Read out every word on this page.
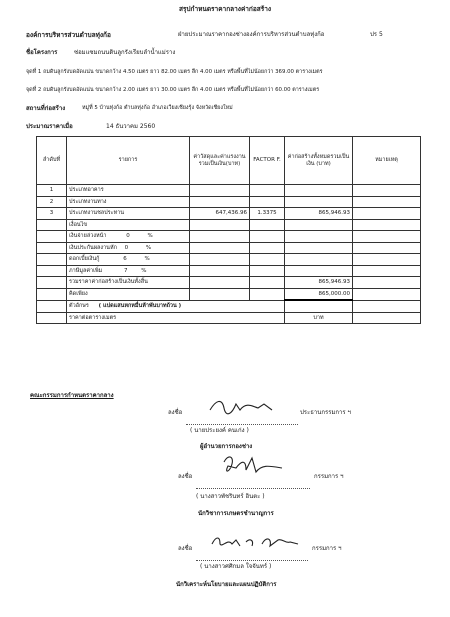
สรุปกำหนดราคากลางค่าก่อสร้าง
องค์การบริหารส่วนตำบลทุ่งก้อ	ฝ่ายประมาณราคากองช่างองค์การบริหารส่วนตำบลทุ่งก้อ	ปร 5
ชื่อโครงการ	ซ่อมแซมถนนดินลูกรังเรียบลำน้ำแม่ราง
จุดที่ 1 ถมดินลูกรังบดอัดแน่น ขนาดกว้าง 4.50 เมตร ยาว 82.00 เมตร ลึก 4.00 เมตร หรือพื้นที่ไม่น้อยกว่า 369.00 ตารางเมตร
จุดที่ 2 ถมดินลูกรังบดอัดแน่น ขนาดกว้าง 2.00 เมตร ยาว 30.00 เมตร ลึก 4.00 เมตร หรือพื้นที่ไม่น้อยกว่า 60.00 ตารางเมตร
สถานที่ก่อสร้าง	หมู่ที่ 5 บ้านทุ่งก้อ ตำบลทุ่งก้อ อำเภอเวียงเชียงรุ้ง จังหวัดเชียงใหม่
ประมาณราคาเมื่อ	14 ธันวาคม 2560
ลำดับที่	รายการ	ค่าวัสดุและค่าแรงงานรวมเป็นเงิน(บาท)	FACTOR F.	ค่าก่อสร้างทั้งหมดรวมเป็นเงิน (บาท)	หมายเหตุ
1	ประเภทอาคาร				
2	ประเภทงานทาง				
3	ประเภทงานชลประทาน	647,436.96	1.3375	865,946.93	
	เงื่อนไข				
	เงินจ่ายล่วงหน้า 0 %				
	เงินประกันผลงานหัก 0 %				
	ดอกเบี้ยเงินกู้ 6 %				
	ภาษีมูลค่าเพิ่ม 7 %				
	รวมราคาค่าก่อสร้างเป็นเงินทั้งสิ้น			865,946.93	
	คิดเพียง			865,000.00	
	ตัวอักษร ( แปดแสนหกหมื่นห้าพันบาทถ้วน )				
	ราคาต่อตารางเมตร			บาท	
คณะกรรมการกำหนดราคากลาง
ลงชื่อ	ประธานกรรมการ ฯ
( นายประยงค์ คนเก่ง )
ผู้อำนวยการกองช่าง
ลงชื่อ	กรรมการ ฯ
( นางสาวพัชรินทร์ อินตะ )
นักวิชาการเกษตรชำนาญการ
ลงชื่อ	กรรมการ ฯ
( นางสาวศศิกมล ใจจันทร์ )
นักวิเคราะห์นโยบายและแผนปฏิบัติการ
